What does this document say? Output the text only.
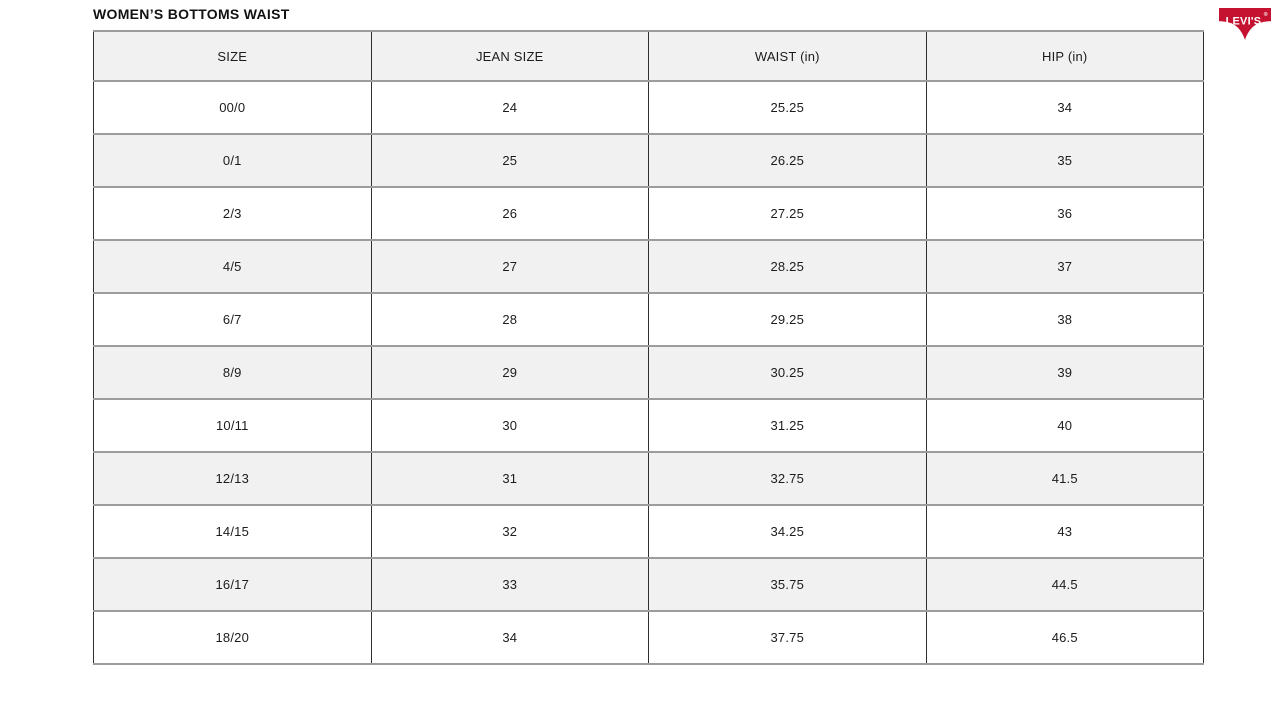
WOMEN’S BOTTOMS WAIST	LEVI'S
®
SIZE	JEAN SIZE	WAIST (in)	HIP (in)
00/0	24	25.25	34
0/1	25	26.25	35
2/3	26	27.25	36
4/5	27	28.25	37
6/7	28	29.25	38
8/9	29	30.25	39
10/11	30	31.25	40
12/13	31	32.75	41.5
14/15	32	34.25	43
16/17	33	35.75	44.5
18/20	34	37.75	46.5
